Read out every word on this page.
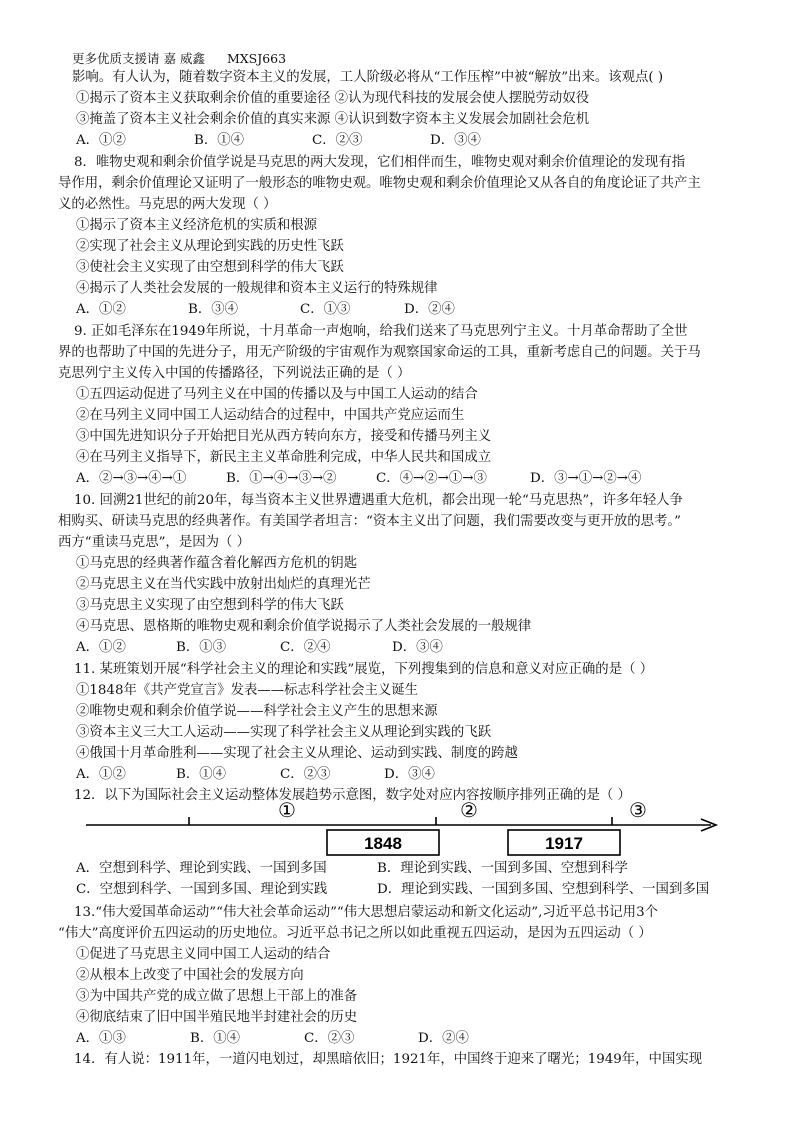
更多优质支援请 嘉 威鑫 MXSJ663
影响。有人认为，随着数字资本主义的发展，工人阶级必将从“工作压榨”中被“解放”出来。该观点( )
①揭示了资本主义获取剩余价值的重要途径 ②认为现代科技的发展会使人摆脱劳动奴役
③掩盖了资本主义社会剩余价值的真实来源 ④认识到数字资本主义发展会加剧社会危机
A．①②	B．①④	C．②③	D．③④
8．唯物史观和剩余价值学说是马克思的两大发现，它们相伴而生，唯物史观对剩余价值理论的发现有指
导作用，剩余价值理论又证明了一般形态的唯物史观。唯物史观和剩余价值理论又从各自的角度论证了共产主
义的必然性。马克思的两大发现（ ）
①揭示了资本主义经济危机的实质和根源
②实现了社会主义从理论到实践的历史性飞跃
③使社会主义实现了由空想到科学的伟大飞跃
④揭示了人类社会发展的一般规律和资本主义运行的特殊规律
A．①②	B．③④	C．①③	D．②④
9. 正如毛泽东在1949年所说，十月革命一声炮响，给我们送来了马克思列宁主义。十月革命帮助了全世
界的也帮助了中国的先进分子，用无产阶级的宇宙观作为观察国家命运的工具，重新考虑自己的问题。关于马
克思列宁主义传入中国的传播路径，下列说法正确的是（ ）
①五四运动促进了马列主义在中国的传播以及与中国工人运动的结合
②在马列主义同中国工人运动结合的过程中，中国共产党应运而生
③中国先进知识分子开始把目光从西方转向东方，接受和传播马列主义
④在马列主义指导下，新民主主义革命胜利完成，中华人民共和国成立
A．②→③→④→①	B．①→④→③→②	C．④→②→①→③	D．③→①→②→④
10. 回溯21世纪的前20年，每当资本主义世界遭遇重大危机，都会出现一轮“马克思热”，许多年轻人争
相购买、研读马克思的经典著作。有美国学者坦言：“资本主义出了问题，我们需要改变与更开放的思考。”
西方“重读马克思”，是因为（ ）
①马克思的经典著作蕴含着化解西方危机的钥匙
②马克思主义在当代实践中放射出灿烂的真理光芒
③马克思主义实现了由空想到科学的伟大飞跃
④马克思、恩格斯的唯物史观和剩余价值学说揭示了人类社会发展的一般规律
A．①②	B．①③	C．②④	D．③④
11. 某班策划开展“科学社会主义的理论和实践”展览，下列搜集到的信息和意义对应正确的是（ ）
①1848年《共产党宣言》发表——标志科学社会主义诞生
②唯物史观和剩余价值学说——科学社会主义产生的思想来源
③资本主义三大工人运动——实现了科学社会主义从理论到实践的飞跃
④俄国十月革命胜利——实现了社会主义从理论、运动到实践、制度的跨越
A．①②	B．①④	C．②③	D．③④
12．以下为国际社会主义运动整体发展趋势示意图，数字处对应内容按顺序排列正确的是（ ）
①	②	③
1848	1917
A．空想到科学、理论到实践、一国到多国	B．理论到实践、一国到多国、空想到科学
C．空想到科学、一国到多国、理论到实践	D．理论到实践、一国到多国、空想到科学、一国到多国
13.“伟大爱国革命运动”“伟大社会革命运动”“伟大思想启蒙运动和新文化运动”,习近平总书记用3个
“伟大”高度评价五四运动的历史地位。习近平总书记之所以如此重视五四运动，是因为五四运动（ ）
①促进了马克思主义同中国工人运动的结合
②从根本上改变了中国社会的发展方向
③为中国共产党的成立做了思想上干部上的准备
④彻底结束了旧中国半殖民地半封建社会的历史
A．①③	B．①④	C．②③	D．②④
14．有人说：1911年，一道闪电划过，却黑暗依旧；1921年，中国终于迎来了曙光；1949年，中国实现
